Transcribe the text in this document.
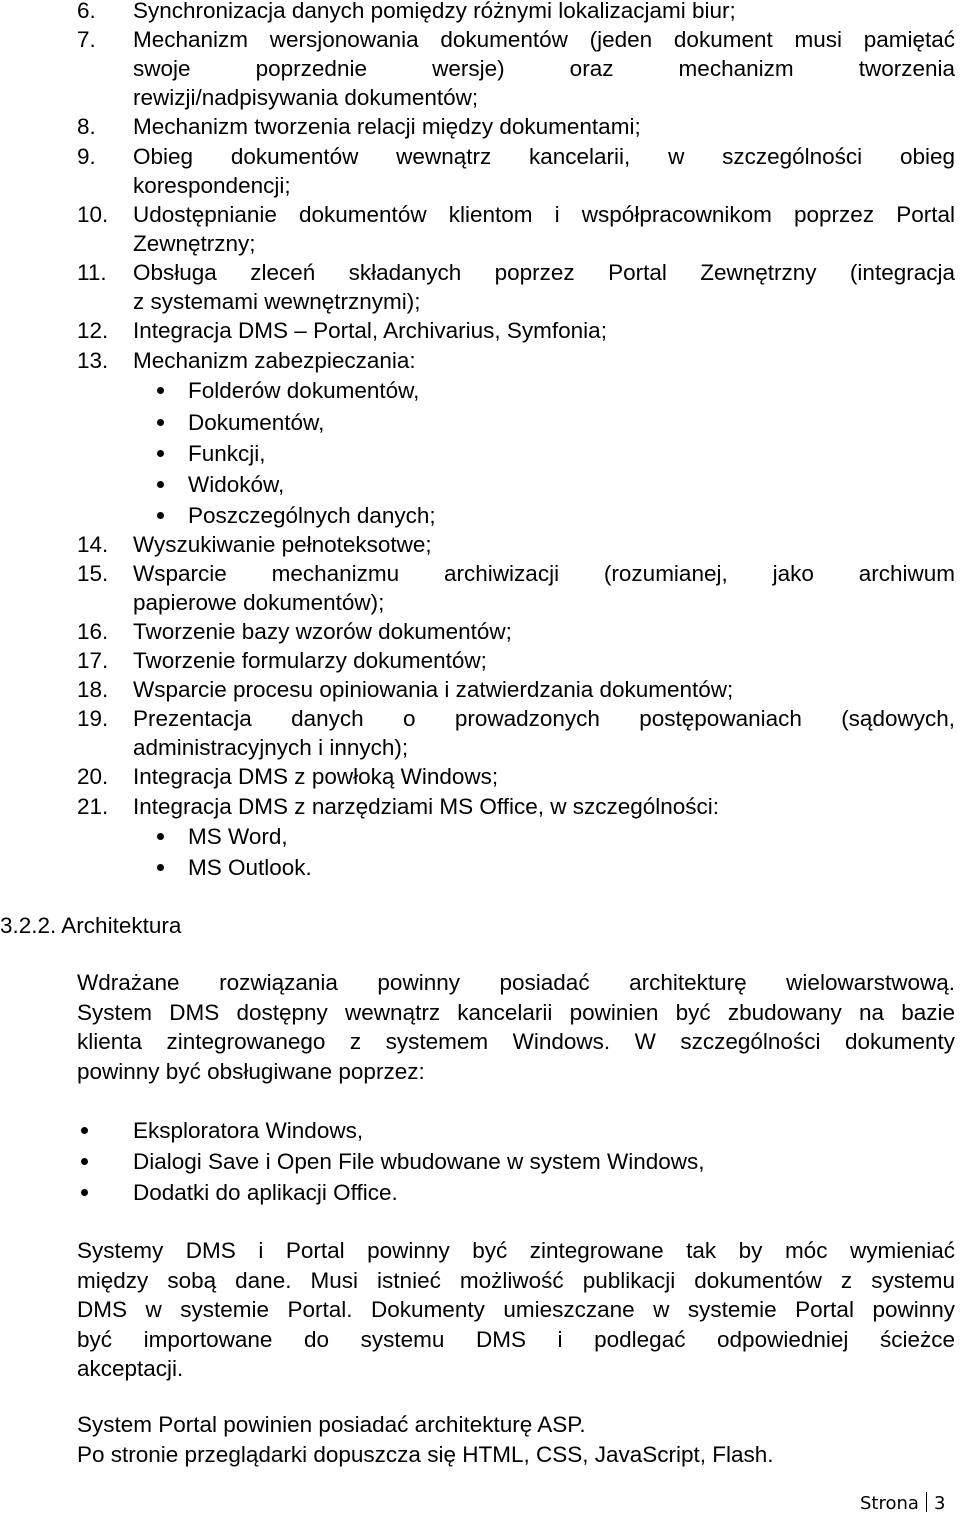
6. Synchronizacja danych pomiędzy różnymi lokalizacjami biur;
7. Mechanizm wersjonowania dokumentów (jeden dokument musi pamiętać
swoje poprzednie wersje) oraz mechanizm tworzenia
rewizji/nadpisywania dokumentów;
8. Mechanizm tworzenia relacji między dokumentami;
9. Obieg dokumentów wewnątrz kancelarii, w szczególności obieg
korespondencji;
10. Udostępnianie dokumentów klientom i współpracownikom poprzez Portal
Zewnętrzny;
11. Obsługa zleceń składanych poprzez Portal Zewnętrzny (integracja
z systemami wewnętrznymi);
12. Integracja DMS – Portal, Archivarius, Symfonia;
13. Mechanizm zabezpieczania:
Folderów dokumentów,
Dokumentów,
Funkcji,
Widoków,
Poszczególnych danych;
14. Wyszukiwanie pełnoteksotwe;
15. Wsparcie mechanizmu archiwizacji (rozumianej, jako archiwum
papierowe dokumentów);
16. Tworzenie bazy wzorów dokumentów;
17. Tworzenie formularzy dokumentów;
18. Wsparcie procesu opiniowania i zatwierdzania dokumentów;
19. Prezentacja danych o prowadzonych postępowaniach (sądowych,
administracyjnych i innych);
20. Integracja DMS z powłoką Windows;
21. Integracja DMS z narzędziami MS Office, w szczególności:
MS Word,
MS Outlook.
3.2.2. Architektura
Wdrażane rozwiązania powinny posiadać architekturę wielowarstwową.
System DMS dostępny wewnątrz kancelarii powinien być zbudowany na bazie
klienta zintegrowanego z systemem Windows. W szczególności dokumenty
powinny być obsługiwane poprzez:
Eksploratora Windows,
Dialogi Save i Open File wbudowane w system Windows,
Dodatki do aplikacji Office.
Systemy DMS i Portal powinny być zintegrowane tak by móc wymieniać
między sobą dane. Musi istnieć możliwość publikacji dokumentów z systemu
DMS w systemie Portal. Dokumenty umieszczane w systemie Portal powinny
być importowane do systemu DMS i podlegać odpowiedniej ścieżce
akceptacji.
System Portal powinien posiadać architekturę ASP.
Po stronie przeglądarki dopuszcza się HTML, CSS, JavaScript, Flash.
Strona 3
